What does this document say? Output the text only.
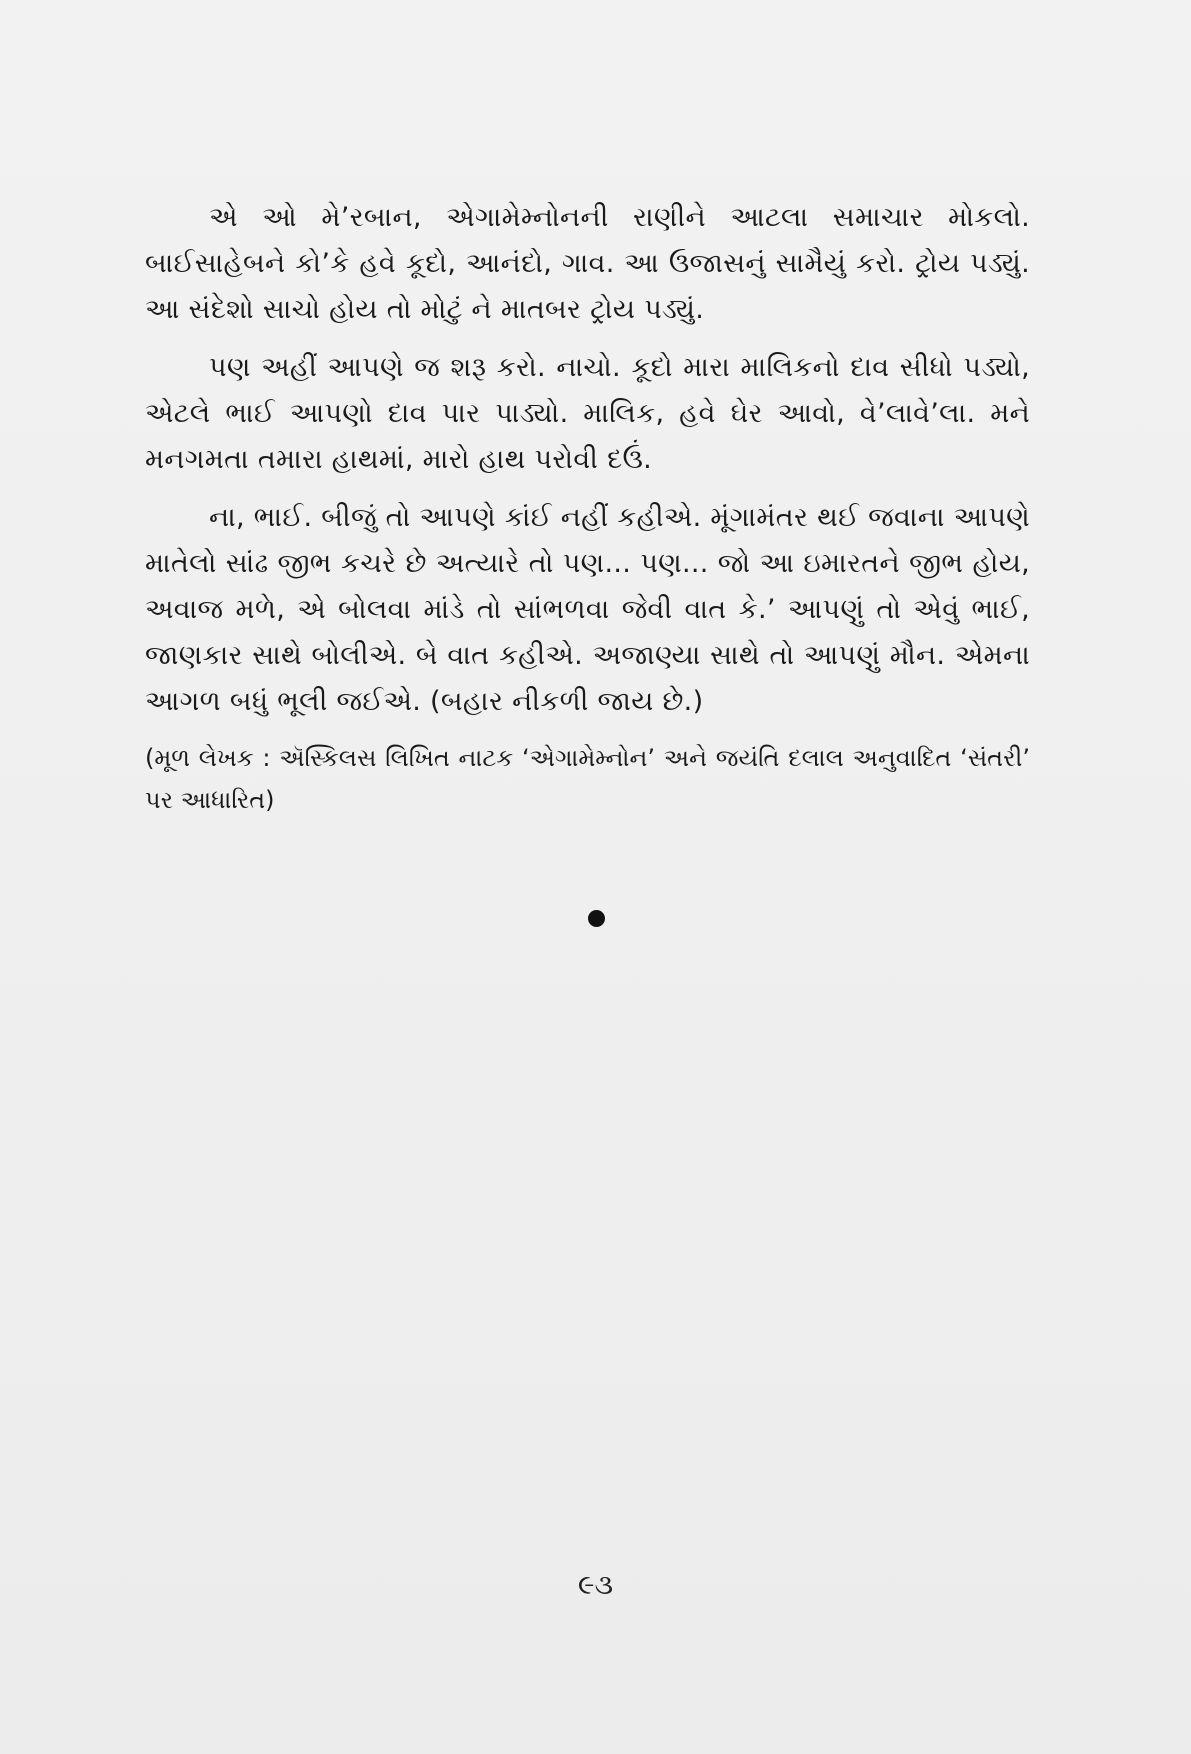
એ ઓ મે’રબાન, એગામેમ્નોનની રાણીને આટલા સમાચાર મોકલો. બાઈસાહેબને કો’કે હવે કૂદો, આનંદો, ગાવ. આ ઉજાસનું સામૈયું કરો. ટ્રોય પડ્યું. આ સંદેશો સાચો હોય તો મોટું ને માતબર ટ્રોય પડ્યું.

પણ અહીં આપણે જ શરૂ કરો. નાચો. કૂદો મારા માલિકનો દાવ સીધો પડ્યો, એટલે ભાઈ આપણો દાવ પાર પાડ્યો. માલિક, હવે ઘેર આવો, વે’લાવે’લા. મને મનગમતા તમારા હાથમાં, મારો હાથ પરોવી દઉં.

ના, ભાઈ. બીજું તો આપણે કાંઈ નહીં કહીએ. મૂંગામંતર થઈ જવાના આપણે માતેલો સાંઢ જીભ કચરે છે અત્યારે તો પણ... પણ... જો આ ઇમારતને જીભ હોય, અવાજ મળે, એ બોલવા માંડે તો સાંભળવા જેવી વાત કે.’ આપણું તો એવું ભાઈ, જાણકાર સાથે બોલીએ. બે વાત કહીએ. અજાણ્યા સાથે તો આપણું મૌન. એમના આગળ બધું ભૂલી જઈએ. (બહાર નીકળી જાય છે.)

(મૂળ લેખક : ઍસ્કિલસ લિખિત નાટક ‘એગામેમ્નોન’ અને જયંતિ દલાલ અનુવાદિત ‘સંતરી’ પર આધારિત)

૯૩
